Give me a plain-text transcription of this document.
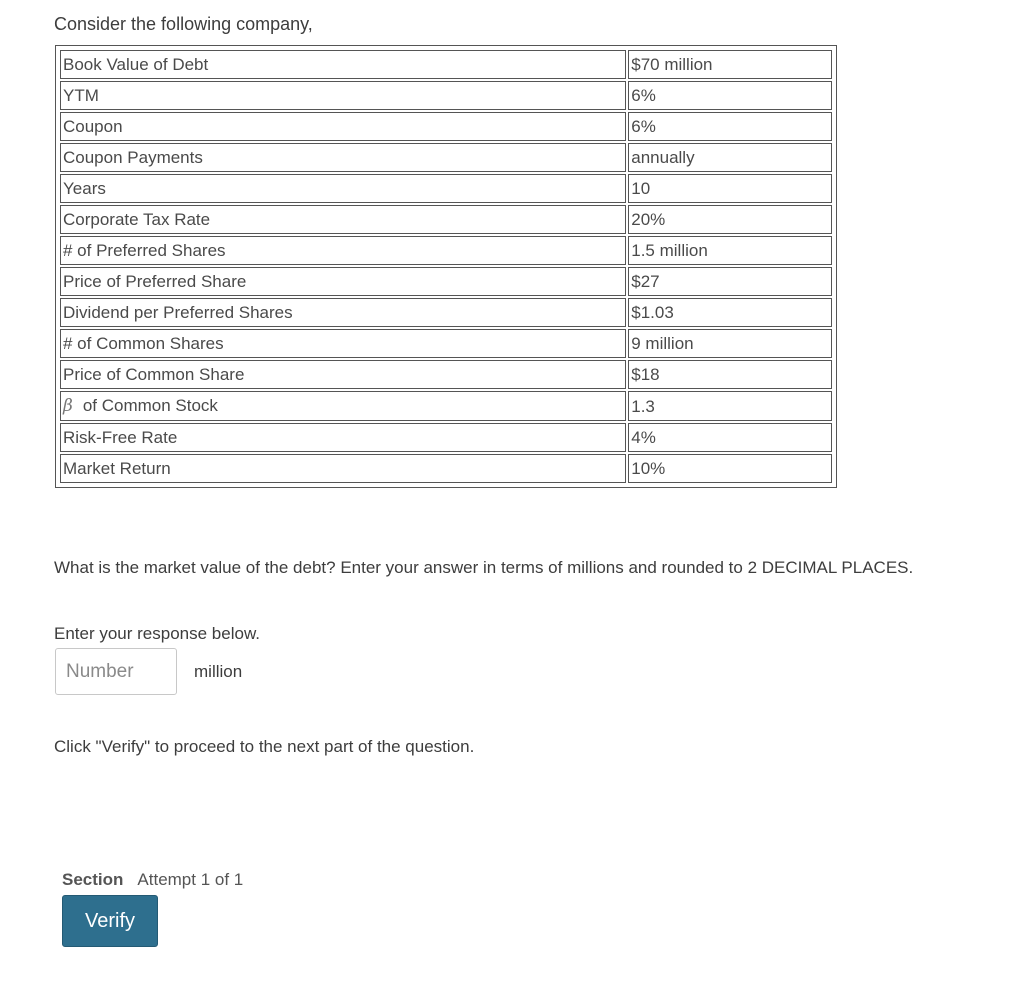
Consider the following company,
Book Value of Debt	$70 million
YTM	6%
Coupon	6%
Coupon Payments	annually
Years	10
Corporate Tax Rate	20%
# of Preferred Shares	1.5 million
Price of Preferred Share	$27
Dividend per Preferred Shares	$1.03
# of Common Shares	9 million
Price of Common Share	$18
β of Common Stock	1.3
Risk-Free Rate	4%
Market Return	10%
What is the market value of the debt? Enter your answer in terms of millions and rounded to 2 DECIMAL PLACES.
Enter your response below.
Number
million
Click "Verify" to proceed to the next part of the question.
Section Attempt 1 of 1
Verify
